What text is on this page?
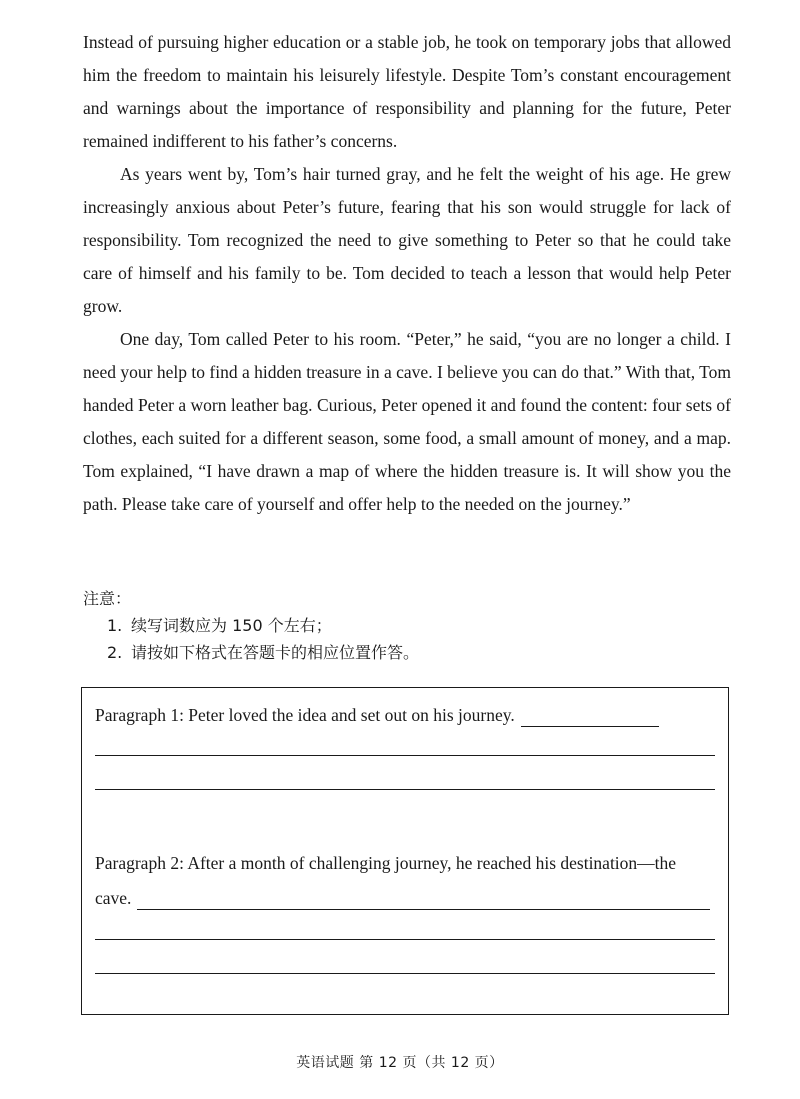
Instead of pursuing higher education or a stable job, he took on temporary jobs that allowed him the freedom to maintain his leisurely lifestyle. Despite Tom’s constant encouragement and warnings about the importance of responsibility and planning for the future, Peter remained indifferent to his father’s concerns.

As years went by, Tom’s hair turned gray, and he felt the weight of his age. He grew increasingly anxious about Peter’s future, fearing that his son would struggle for lack of responsibility. Tom recognized the need to give something to Peter so that he could take care of himself and his family to be. Tom decided to teach a lesson that would help Peter grow.

One day, Tom called Peter to his room. “Peter,” he said, “you are no longer a child. I need your help to find a hidden treasure in a cave. I believe you can do that.” With that, Tom handed Peter a worn leather bag. Curious, Peter opened it and found the content: four sets of clothes, each suited for a different season, some food, a small amount of money, and a map. Tom explained, “I have drawn a map of where the hidden treasure is. It will show you the path. Please take care of yourself and offer help to the needed on the journey.”

注意：

1. 续写词数应为 150 个左右；
2. 请按如下格式在答题卡的相应位置作答。
Paragraph 1: Peter loved the idea and set out on his journey.
Paragraph 2: After a month of challenging journey, he reached his destination—the
cave.
英语试题 第 12 页（共 12 页）
